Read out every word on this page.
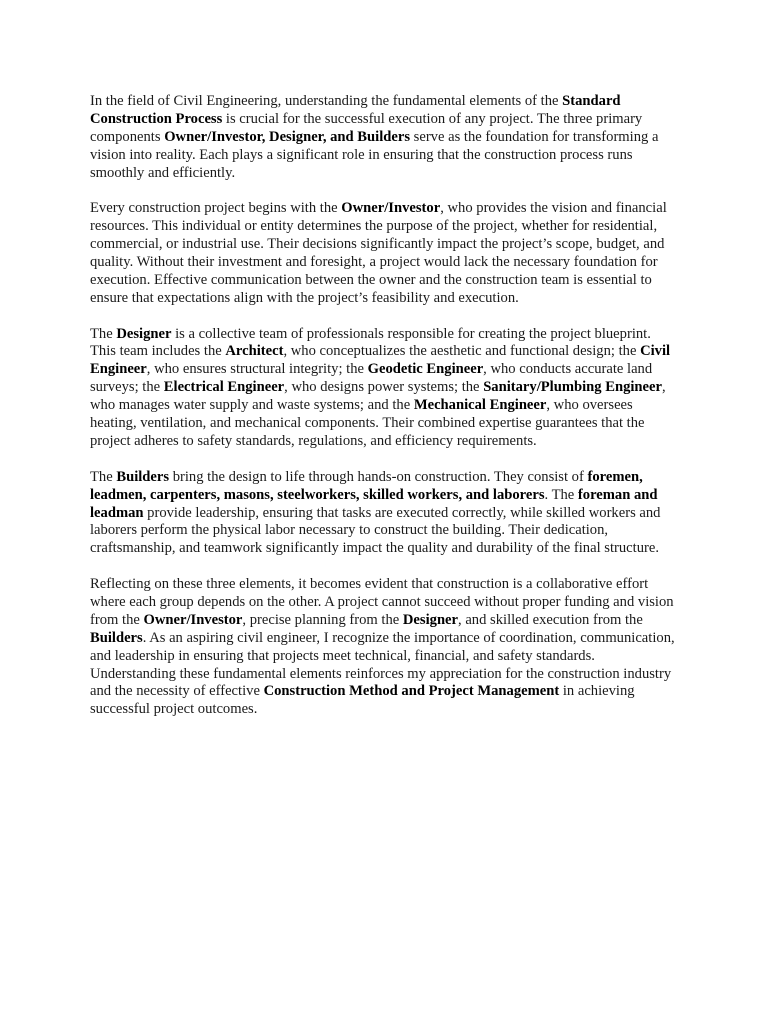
In the field of Civil Engineering, understanding the fundamental elements of the Standard Construction Process is crucial for the successful execution of any project. The three primary components Owner/Investor, Designer, and Builders serve as the foundation for transforming a vision into reality. Each plays a significant role in ensuring that the construction process runs smoothly and efficiently.

Every construction project begins with the Owner/Investor, who provides the vision and financial resources. This individual or entity determines the purpose of the project, whether for residential, commercial, or industrial use. Their decisions significantly impact the project’s scope, budget, and quality. Without their investment and foresight, a project would lack the necessary foundation for execution. Effective communication between the owner and the construction team is essential to ensure that expectations align with the project’s feasibility and execution.

The Designer is a collective team of professionals responsible for creating the project blueprint. This team includes the Architect, who conceptualizes the aesthetic and functional design; the Civil Engineer, who ensures structural integrity; the Geodetic Engineer, who conducts accurate land surveys; the Electrical Engineer, who designs power systems; the Sanitary/Plumbing Engineer, who manages water supply and waste systems; and the Mechanical Engineer, who oversees heating, ventilation, and mechanical components. Their combined expertise guarantees that the project adheres to safety standards, regulations, and efficiency requirements.

The Builders bring the design to life through hands-on construction. They consist of foremen, leadmen, carpenters, masons, steelworkers, skilled workers, and laborers. The foreman and leadman provide leadership, ensuring that tasks are executed correctly, while skilled workers and laborers perform the physical labor necessary to construct the building. Their dedication, craftsmanship, and teamwork significantly impact the quality and durability of the final structure.

Reflecting on these three elements, it becomes evident that construction is a collaborative effort where each group depends on the other. A project cannot succeed without proper funding and vision from the Owner/Investor, precise planning from the Designer, and skilled execution from the Builders. As an aspiring civil engineer, I recognize the importance of coordination, communication, and leadership in ensuring that projects meet technical, financial, and safety standards. Understanding these fundamental elements reinforces my appreciation for the construction industry and the necessity of effective Construction Method and Project Management in achieving successful project outcomes.
